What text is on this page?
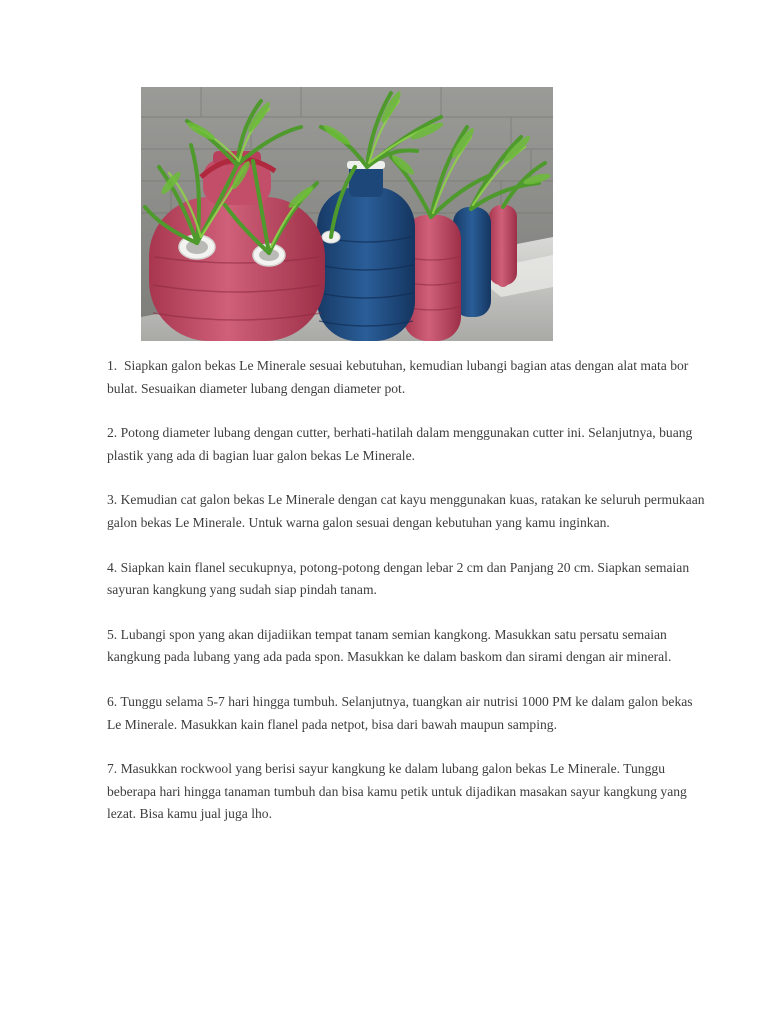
1.  Siapkan galon bekas Le Minerale sesuai kebutuhan, kemudian lubangi bagian atas dengan alat mata bor bulat. Sesuaikan diameter lubang dengan diameter pot.

2. Potong diameter lubang dengan cutter, berhati-hatilah dalam menggunakan cutter ini. Selanjutnya, buang plastik yang ada di bagian luar galon bekas Le Minerale.

3. Kemudian cat galon bekas Le Minerale dengan cat kayu menggunakan kuas, ratakan ke seluruh permukaan galon bekas Le Minerale. Untuk warna galon sesuai dengan kebutuhan yang kamu inginkan.

4. Siapkan kain flanel secukupnya, potong-potong dengan lebar 2 cm dan Panjang 20 cm. Siapkan semaian sayuran kangkung yang sudah siap pindah tanam.

5. Lubangi spon yang akan dijadiikan tempat tanam semian kangkong. Masukkan satu persatu semaian kangkung pada lubang yang ada pada spon. Masukkan ke dalam baskom dan sirami dengan air mineral.

6. Tunggu selama 5-7 hari hingga tumbuh. Selanjutnya, tuangkan air nutrisi 1000 PM ke dalam galon bekas Le Minerale. Masukkan kain flanel pada netpot, bisa dari bawah maupun samping.

7. Masukkan rockwool yang berisi sayur kangkung ke dalam lubang galon bekas Le Minerale. Tunggu beberapa hari hingga tanaman tumbuh dan bisa kamu petik untuk dijadikan masakan sayur kangkung yang lezat. Bisa kamu jual juga lho.
